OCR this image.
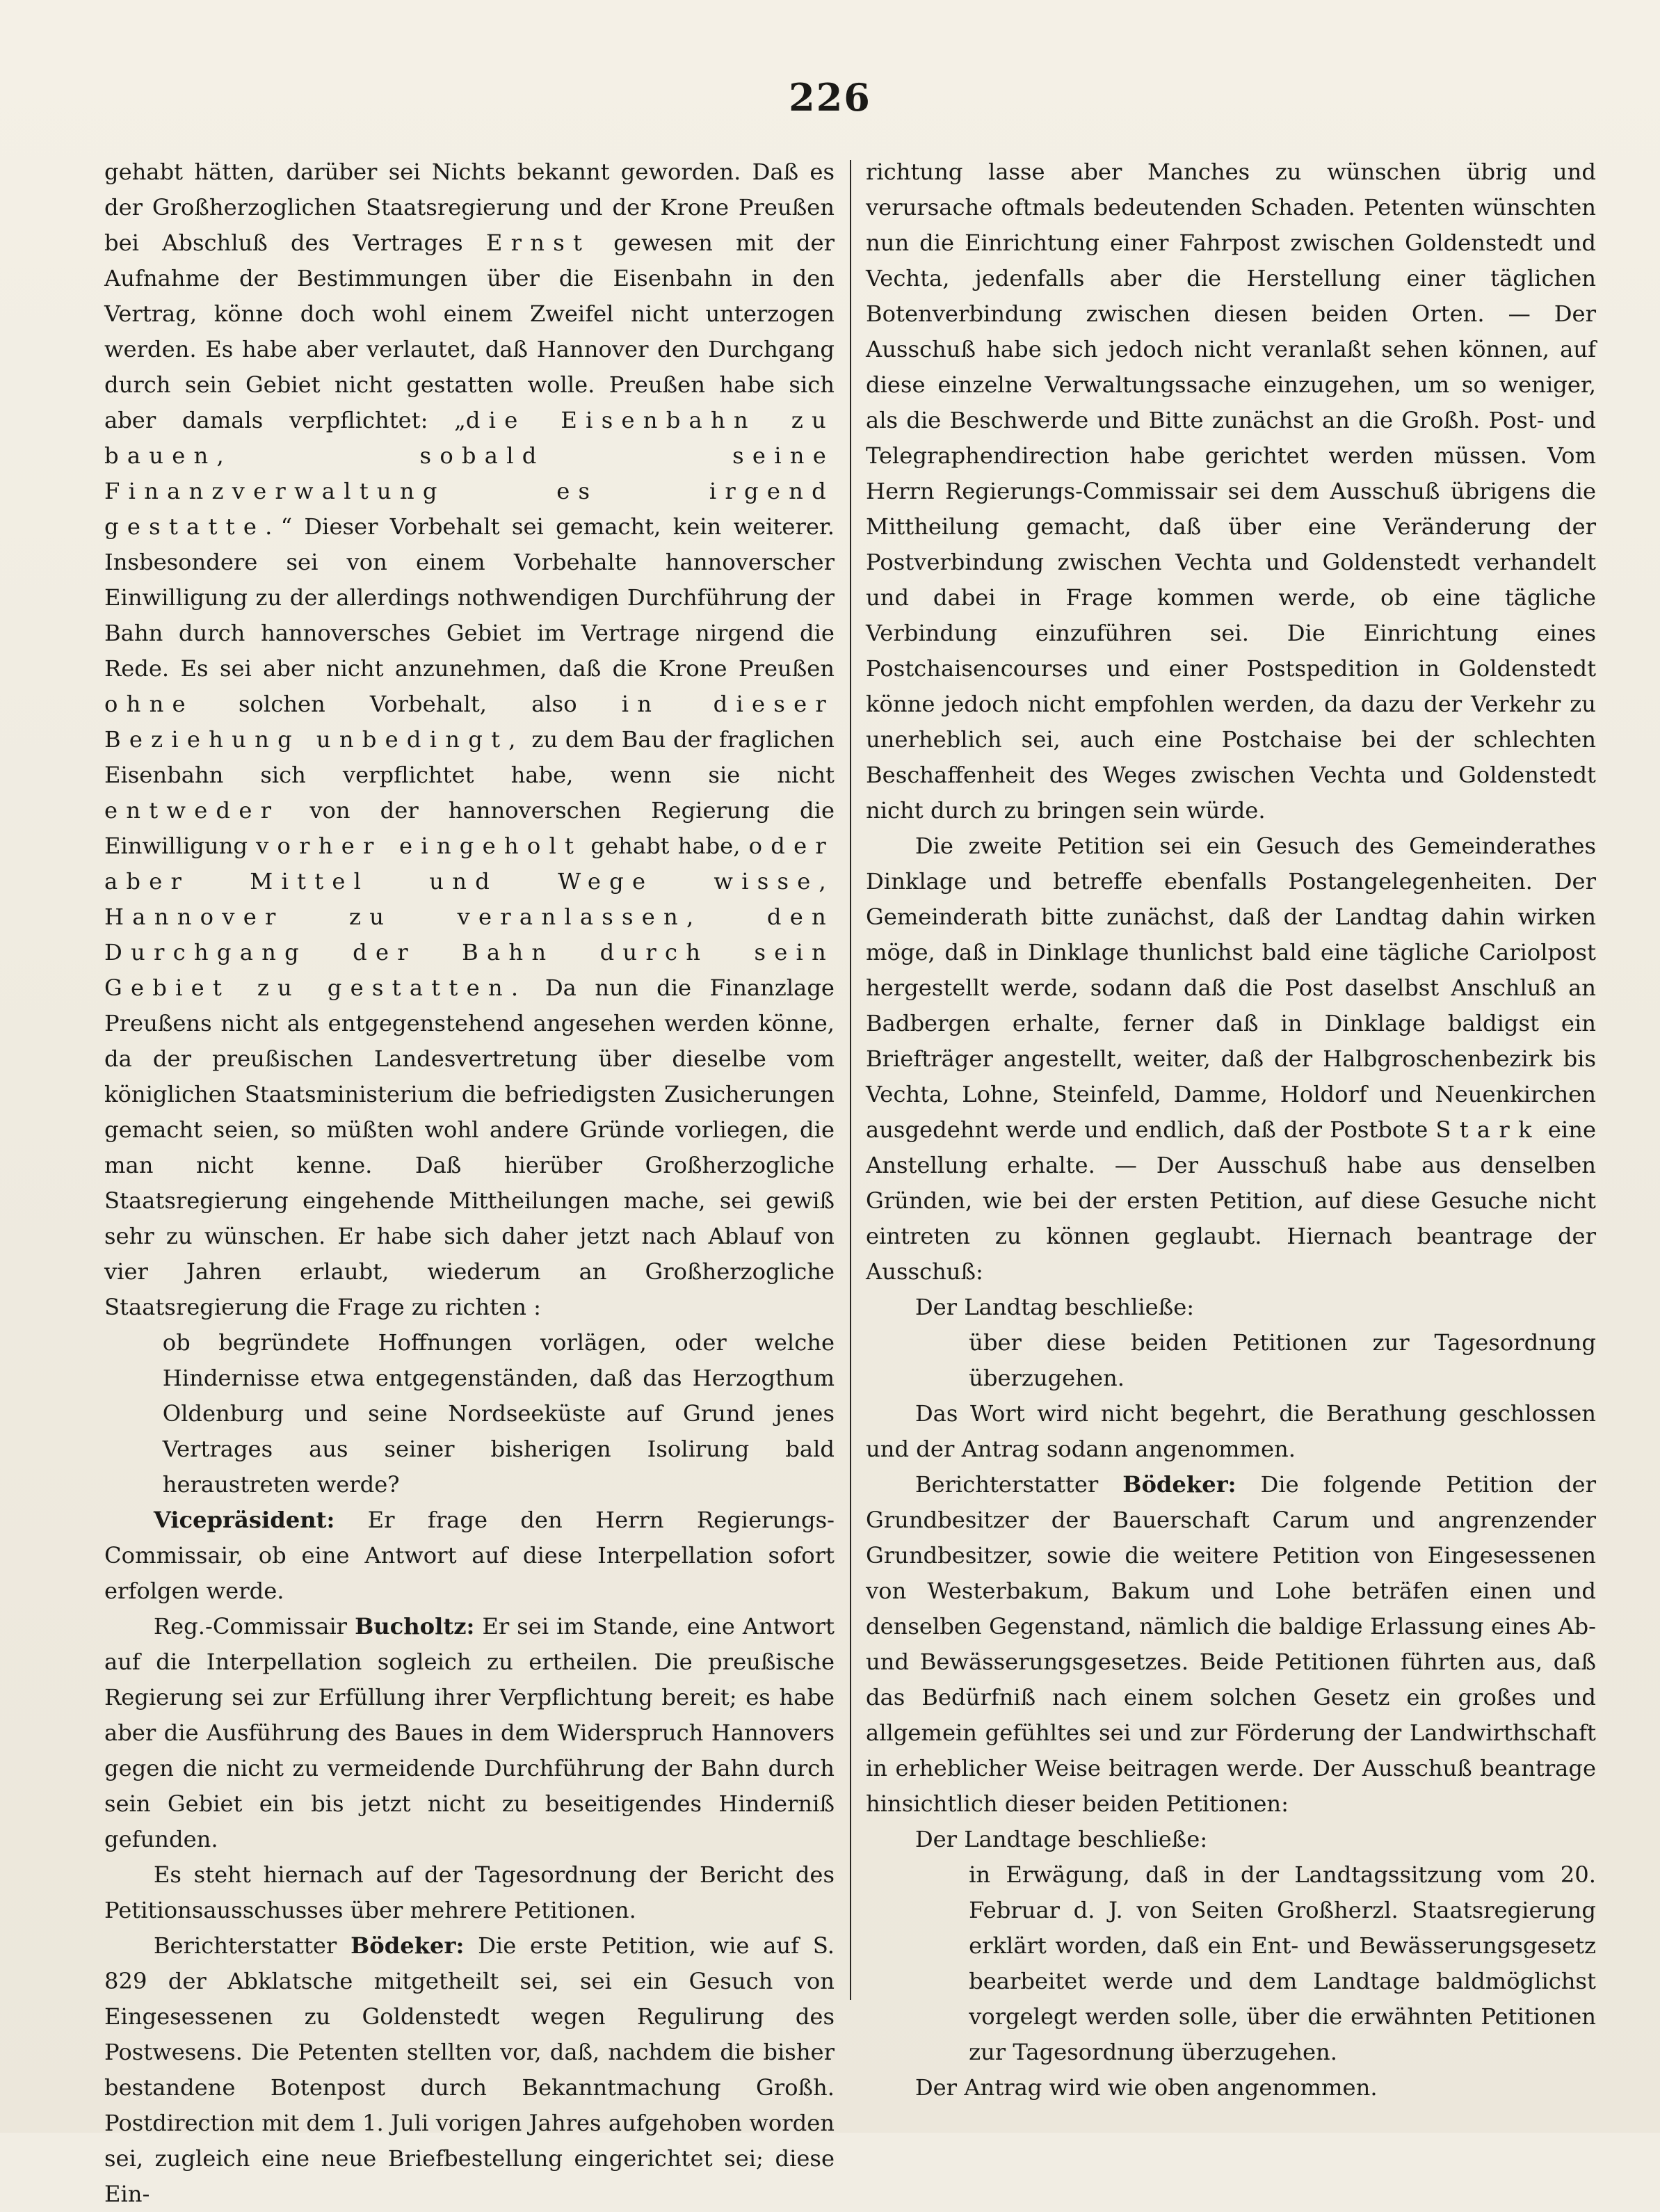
226

gehabt hätten, darüber sei Nichts bekannt geworden. Daß es der Großherzoglichen Staatsregierung und der Krone Preußen bei Abschluß des Vertrages Ernst gewesen mit der Aufnahme der Bestimmungen über die Eisenbahn in den Vertrag, könne doch wohl einem Zweifel nicht unterzogen werden. Es habe aber verlautet, daß Hannover den Durchgang durch sein Gebiet nicht gestatten wolle. Preußen habe sich aber damals verpflichtet: „die Eisenbahn zu bauen, sobald seine Finanzverwaltung es irgend gestatte.“ Dieser Vorbehalt sei gemacht, kein weiterer. Insbesondere sei von einem Vorbehalte hannoverscher Einwilligung zu der allerdings nothwendigen Durchführung der Bahn durch hannoversches Gebiet im Vertrage nirgend die Rede. Es sei aber nicht anzunehmen, daß die Krone Preußen ohne solchen Vorbehalt, also in dieser Beziehung unbedingt, zu dem Bau der fraglichen Eisenbahn sich verpflichtet habe, wenn sie nicht entweder von der hannoverschen Regierung die Einwilligung vorher eingeholt gehabt habe, oder aber Mittel und Wege wisse, Hannover zu veranlassen, den Durchgang der Bahn durch sein Gebiet zu gestatten. Da nun die Finanzlage Preußens nicht als entgegenstehend angesehen werden könne, da der preußischen Landesvertretung über dieselbe vom königlichen Staatsministerium die befriedigsten Zusicherungen gemacht seien, so müßten wohl andere Gründe vorliegen, die man nicht kenne. Daß hierüber Großherzogliche Staatsregierung eingehende Mittheilungen mache, sei gewiß sehr zu wünschen. Er habe sich daher jetzt nach Ablauf von vier Jahren erlaubt, wiederum an Großherzogliche Staatsregierung die Frage zu richten :

ob begründete Hoffnungen vorlägen, oder welche Hindernisse etwa entgegenständen, daß das Herzogthum Oldenburg und seine Nordseeküste auf Grund jenes Vertrages aus seiner bisherigen Isolirung bald heraustreten werde?

Vicepräsident: Er frage den Herrn Regierungs-Commissair, ob eine Antwort auf diese Interpellation sofort erfolgen werde.

Reg.-Commissair Bucholtz: Er sei im Stande, eine Antwort auf die Interpellation sogleich zu ertheilen. Die preußische Regierung sei zur Erfüllung ihrer Verpflichtung bereit; es habe aber die Ausführung des Baues in dem Widerspruch Hannovers gegen die nicht zu vermeidende Durchführung der Bahn durch sein Gebiet ein bis jetzt nicht zu beseitigendes Hinderniß gefunden.

Es steht hiernach auf der Tagesordnung der Bericht des Petitionsausschusses über mehrere Petitionen.

Berichterstatter Bödeker: Die erste Petition, wie auf S. 829 der Abklatsche mitgetheilt sei, sei ein Gesuch von Eingesessenen zu Goldenstedt wegen Regulirung des Postwesens. Die Petenten stellten vor, daß, nachdem die bisher bestandene Botenpost durch Bekanntmachung Großh. Postdirection mit dem 1. Juli vorigen Jahres aufgehoben worden sei, zugleich eine neue Briefbestellung eingerichtet sei; diese Ein-

richtung lasse aber Manches zu wünschen übrig und verursache oftmals bedeutenden Schaden. Petenten wünschten nun die Einrichtung einer Fahrpost zwischen Goldenstedt und Vechta, jedenfalls aber die Herstellung einer täglichen Botenverbindung zwischen diesen beiden Orten. — Der Ausschuß habe sich jedoch nicht veranlaßt sehen können, auf diese einzelne Verwaltungssache einzugehen, um so weniger, als die Beschwerde und Bitte zunächst an die Großh. Post- und Telegraphendirection habe gerichtet werden müssen. Vom Herrn Regierungs-Commissair sei dem Ausschuß übrigens die Mittheilung gemacht, daß über eine Veränderung der Postverbindung zwischen Vechta und Goldenstedt verhandelt und dabei in Frage kommen werde, ob eine tägliche Verbindung einzuführen sei. Die Einrichtung eines Postchaisencourses und einer Postspedition in Goldenstedt könne jedoch nicht empfohlen werden, da dazu der Verkehr zu unerheblich sei, auch eine Postchaise bei der schlechten Beschaffenheit des Weges zwischen Vechta und Goldenstedt nicht durch zu bringen sein würde.

Die zweite Petition sei ein Gesuch des Gemeinderathes Dinklage und betreffe ebenfalls Postangelegenheiten. Der Gemeinderath bitte zunächst, daß der Landtag dahin wirken möge, daß in Dinklage thunlichst bald eine tägliche Cariolpost hergestellt werde, sodann daß die Post daselbst Anschluß an Badbergen erhalte, ferner daß in Dinklage baldigst ein Briefträger angestellt, weiter, daß der Halbgroschenbezirk bis Vechta, Lohne, Steinfeld, Damme, Holdorf und Neuenkirchen ausgedehnt werde und endlich, daß der Postbote Stark eine Anstellung erhalte. — Der Ausschuß habe aus denselben Gründen, wie bei der ersten Petition, auf diese Gesuche nicht eintreten zu können geglaubt. Hiernach beantrage der Ausschuß:

Der Landtag beschließe:

über diese beiden Petitionen zur Tagesordnung überzugehen.

Das Wort wird nicht begehrt, die Berathung geschlossen und der Antrag sodann angenommen.

Berichterstatter Bödeker: Die folgende Petition der Grundbesitzer der Bauerschaft Carum und angrenzender Grundbesitzer, sowie die weitere Petition von Eingesessenen von Westerbakum, Bakum und Lohe beträfen einen und denselben Gegenstand, nämlich die baldige Erlassung eines Ab- und Bewässerungsgesetzes. Beide Petitionen führten aus, daß das Bedürfniß nach einem solchen Gesetz ein großes und allgemein gefühltes sei und zur Förderung der Landwirthschaft in erheblicher Weise beitragen werde. Der Ausschuß beantrage hinsichtlich dieser beiden Petitionen:

Der Landtage beschließe:

in Erwägung, daß in der Landtagssitzung vom 20. Februar d. J. von Seiten Großherzl. Staatsregierung erklärt worden, daß ein Ent- und Bewässerungsgesetz bearbeitet werde und dem Landtage baldmöglichst vorgelegt werden solle, über die erwähnten Petitionen zur Tagesordnung überzugehen.

Der Antrag wird wie oben angenommen.
